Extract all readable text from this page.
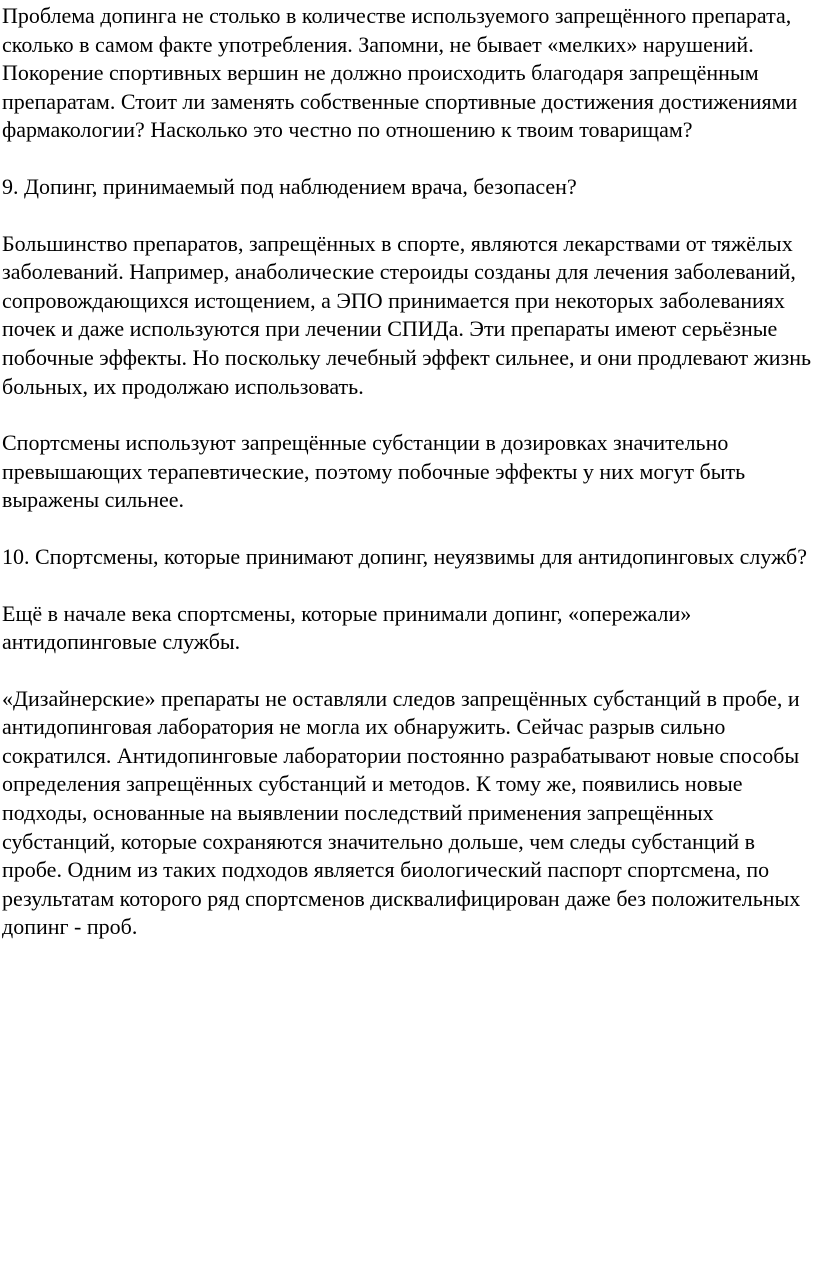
Проблема допинга не столько в количестве используемого запрещённого препарата, сколько в самом факте употребления. Запомни, не бывает «мелких» нарушений. Покорение спортивных вершин не должно происходить благодаря запрещённым препаратам. Стоит ли заменять собственные спортивные достижения достижениями фармакологии? Насколько это честно по отношению к твоим товарищам?

9. Допинг, принимаемый под наблюдением врача, безопасен?

Большинство препаратов, запрещённых в спорте, являются лекарствами от тяжёлых заболеваний. Например, анаболические стероиды созданы для лечения заболеваний, сопровождающихся истощением, а ЭПО принимается при некоторых заболеваниях почек и даже используются при лечении СПИДа. Эти препараты имеют серьёзные побочные эффекты. Но поскольку лечебный эффект сильнее, и они продлевают жизнь больных, их продолжаю использовать.

Спортсмены используют запрещённые субстанции в дозировках значительно превышающих терапевтические, поэтому побочные эффекты у них могут быть выражены сильнее.

10. Спортсмены, которые принимают допинг, неуязвимы для антидопинговых служб?

Ещё в начале века спортсмены, которые принимали допинг, «опережали» антидопинговые службы.

«Дизайнерские» препараты не оставляли следов запрещённых субстанций в пробе, и антидопинговая лаборатория не могла их обнаружить. Сейчас разрыв сильно сократился. Антидопинговые лаборатории постоянно разрабатывают новые способы определения запрещённых субстанций и методов. К тому же, появились новые подходы, основанные на выявлении последствий применения запрещённых субстанций, которые сохраняются значительно дольше, чем следы субстанций в пробе. Одним из таких подходов является биологический паспорт спортсмена, по результатам которого ряд спортсменов дисквалифицирован даже без положительных допинг - проб.
